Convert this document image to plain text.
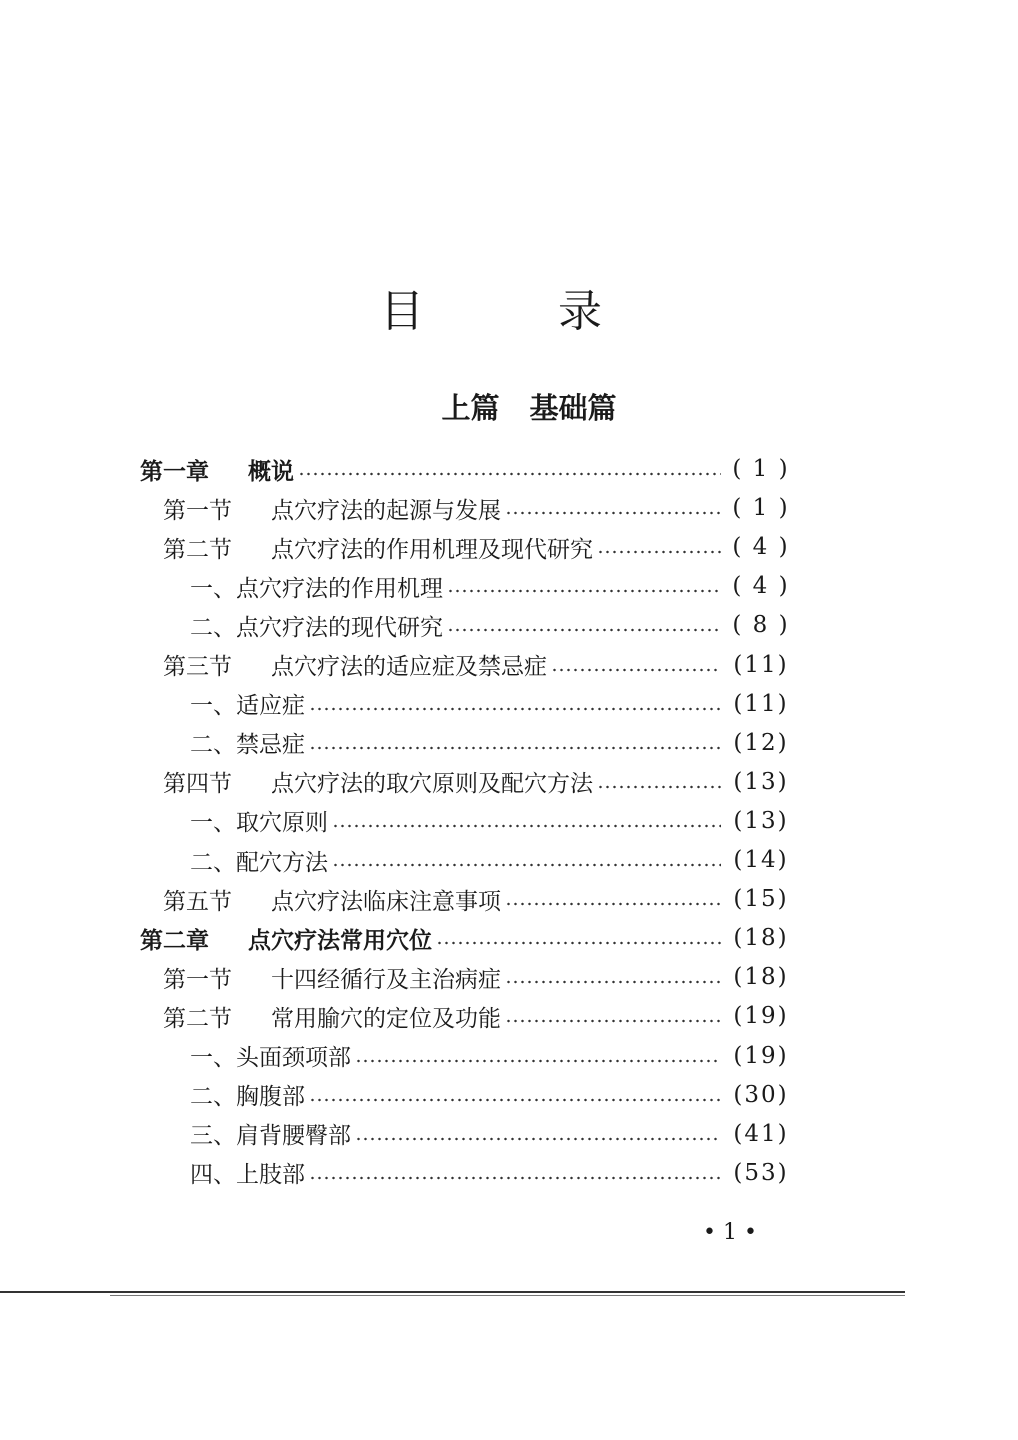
目 录
上篇 基础篇
第一章	概说	( 1 )
第一节	点穴疗法的起源与发展	( 1 )
第二节	点穴疗法的作用机理及现代研究	( 4 )
一、 点穴疗法的作用机理	( 4 )
二、 点穴疗法的现代研究	( 8 )
第三节	点穴疗法的适应症及禁忌症	(11)
一、 适应症	(11)
二、 禁忌症	(12)
第四节	点穴疗法的取穴原则及配穴方法	(13)
一、 取穴原则	(13)
二、 配穴方法	(14)
第五节	点穴疗法临床注意事项	(15)
第二章	点穴疗法常用穴位	(18)
第一节	十四经循行及主治病症	(18)
第二节	常用腧穴的定位及功能	(19)
一、 头面颈项部	(19)
二、 胸腹部	(30)
三、 肩背腰臀部	(41)
四、 上肢部	(53)
• 1 •
